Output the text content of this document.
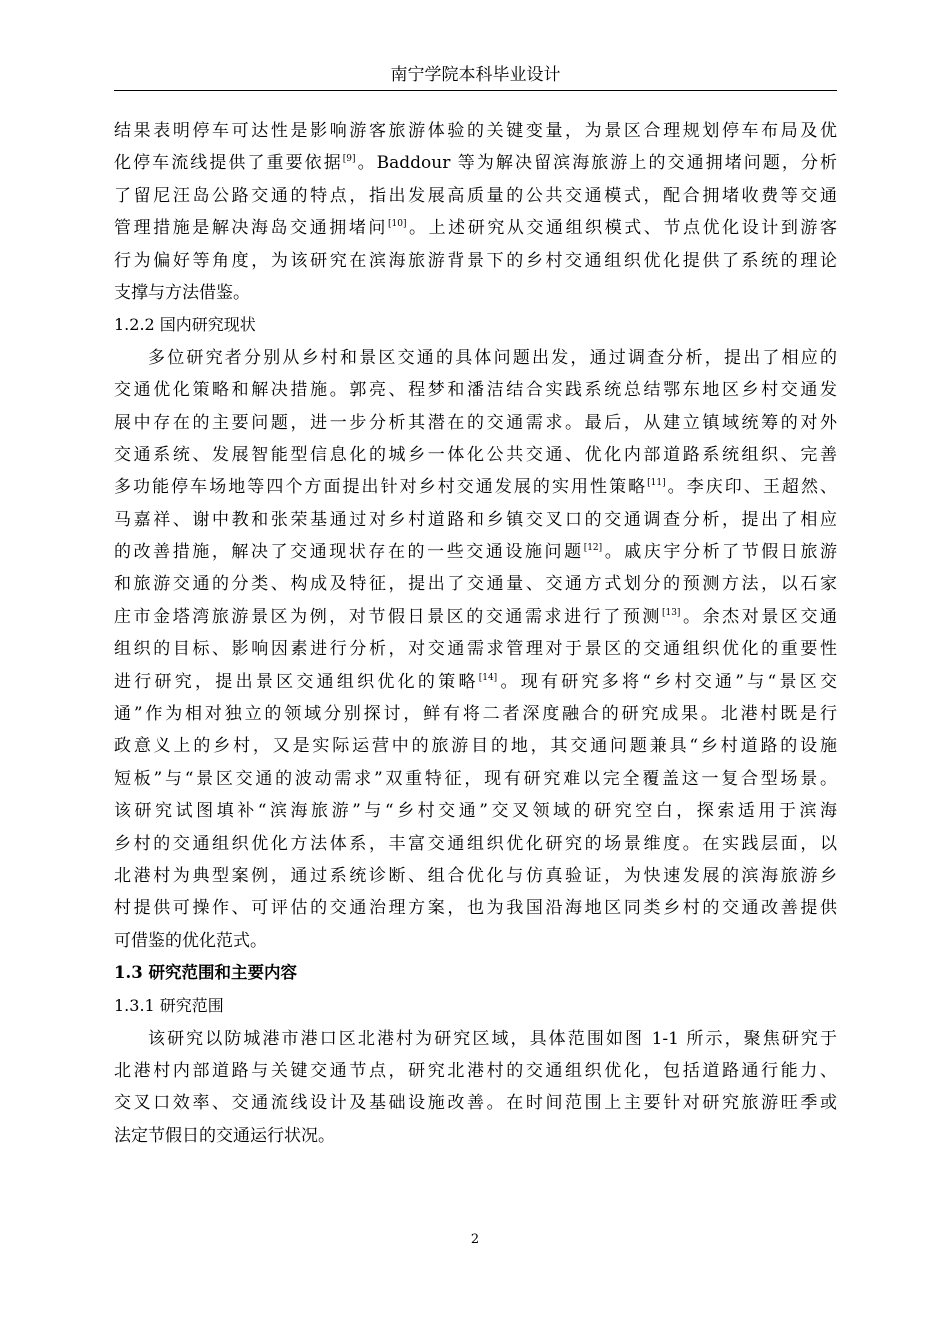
南宁学院本科毕业设计
结果表明停车可达性是影响游客旅游体验的关键变量，为景区合理规划停车布局及优
化停车流线提供了重要依据[9]。Baddour 等为解决留滨海旅游上的交通拥堵问题，分析
了留尼汪岛公路交通的特点，指出发展高质量的公共交通模式，配合拥堵收费等交通
管理措施是解决海岛交通拥堵问[10]。上述研究从交通组织模式、节点优化设计到游客
行为偏好等角度，为该研究在滨海旅游背景下的乡村交通组织优化提供了系统的理论
支撑与方法借鉴。
1.2.2 国内研究现状
多位研究者分别从乡村和景区交通的具体问题出发，通过调查分析，提出了相应的
交通优化策略和解决措施。郭亮、程梦和潘洁结合实践系统总结鄂东地区乡村交通发
展中存在的主要问题，进一步分析其潜在的交通需求。最后，从建立镇域统筹的对外
交通系统、发展智能型信息化的城乡一体化公共交通、优化内部道路系统组织、完善
多功能停车场地等四个方面提出针对乡村交通发展的实用性策略[11]。李庆印、王超然、
马嘉祥、谢中教和张荣基通过对乡村道路和乡镇交叉口的交通调查分析，提出了相应
的改善措施，解决了交通现状存在的一些交通设施问题[12]。戚庆宇分析了节假日旅游
和旅游交通的分类、构成及特征，提出了交通量、交通方式划分的预测方法，以石家
庄市金塔湾旅游景区为例，对节假日景区的交通需求进行了预测[13]。余杰对景区交通
组织的目标、影响因素进行分析，对交通需求管理对于景区的交通组织优化的重要性
进行研究，提出景区交通组织优化的策略[14]。现有研究多将“乡村交通”与“景区交
通”作为相对独立的领域分别探讨，鲜有将二者深度融合的研究成果。北港村既是行
政意义上的乡村，又是实际运营中的旅游目的地，其交通问题兼具“乡村道路的设施
短板”与“景区交通的波动需求”双重特征，现有研究难以完全覆盖这一复合型场景。
该研究试图填补“滨海旅游”与“乡村交通”交叉领域的研究空白，探索适用于滨海
乡村的交通组织优化方法体系，丰富交通组织优化研究的场景维度。在实践层面，以
北港村为典型案例，通过系统诊断、组合优化与仿真验证，为快速发展的滨海旅游乡
村提供可操作、可评估的交通治理方案，也为我国沿海地区同类乡村的交通改善提供
可借鉴的优化范式。
1.3 研究范围和主要内容
1.3.1 研究范围
该研究以防城港市港口区北港村为研究区域，具体范围如图 1-1 所示，聚焦研究于
北港村内部道路与关键交通节点，研究北港村的交通组织优化，包括道路通行能力、
交叉口效率、交通流线设计及基础设施改善。在时间范围上主要针对研究旅游旺季或
法定节假日的交通运行状况。
2
